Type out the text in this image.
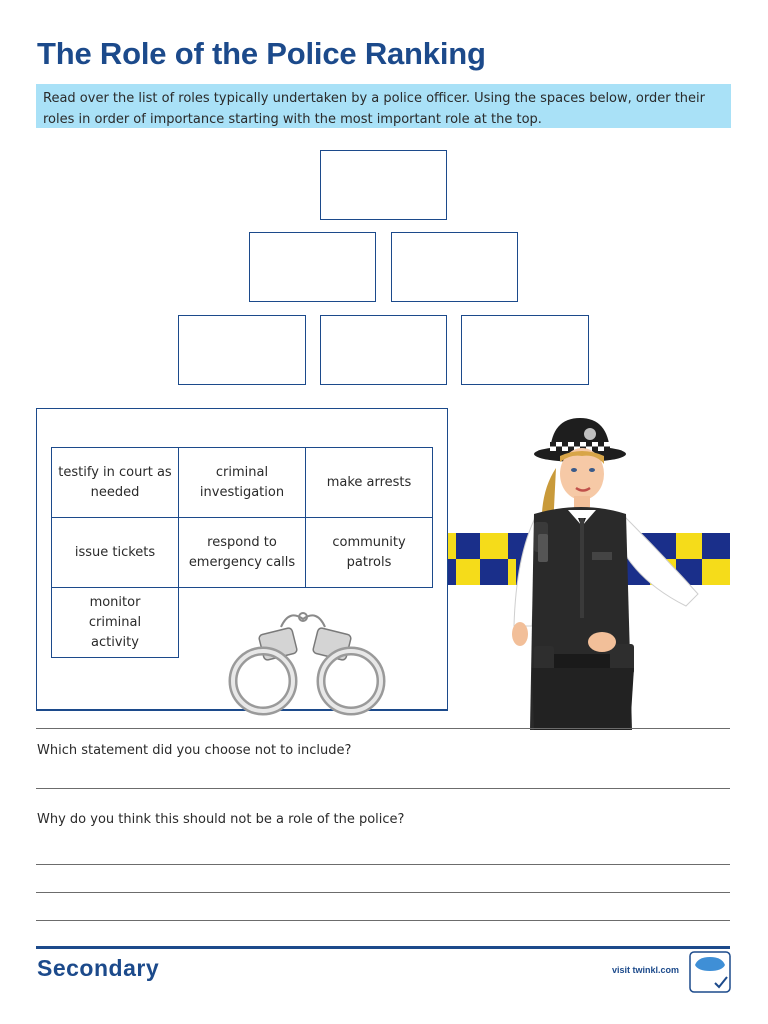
The Role of the Police Ranking
Read over the list of roles typically undertaken by a police officer. Using the spaces below, order their roles in order of importance starting with the most important role at the top.
testify in court as needed
criminal investigation
make arrests
issue tickets
respond to emergency calls
community patrols
monitor criminal activity
Which statement did you choose not to include?
Why do you think this should not be a role of the police?
Secondary	visit twinkl.com
